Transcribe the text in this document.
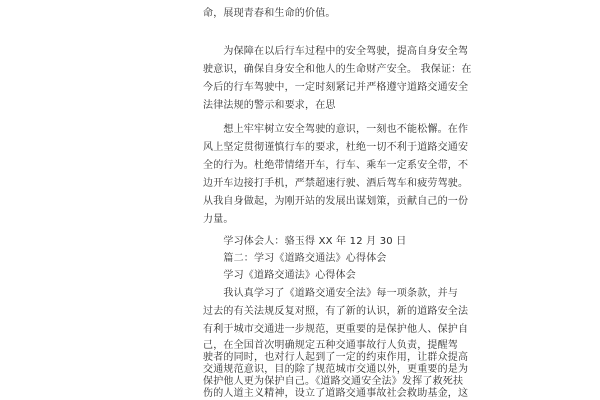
命，展现青春和生命的价值。
　　为保障在以后行车过程中的安全驾驶，提高自身安全驾
驶意识，确保自身安全和他人的生命财产安全。 我保证：在
今后的行车驾驶中，一定时刻紧记并严格遵守道路交通安全
法律法规的警示和要求，在思
　　想上牢牢树立安全驾驶的意识，一刻也不能松懈。在作
风上坚定贯彻谨慎行车的要求，杜绝一切不利于道路交通安
全的行为。杜绝带情绪开车，行车、乘车一定系安全带，不
边开车边接打手机，严禁超速行驶、酒后驾车和疲劳驾驶。
从我自身做起，为刚开站的发展出谋划策，贡献自己的一份
力量。
　　学习体会人：骆玉得 XX 年 12 月 30 日
　　篇二：学习《道路交通法》心得体会
　　学习《道路交通法》心得体会
　　我认真学习了《道路交通安全法》每一项条款，并与
过去的有关法规反复对照，有了新的认识，新的道路安全法
有利于城市交通进一步规范，更重要的是保护他人、保护自
己，在全国首次明确规定五种交通事故行人负责，提醒驾
驶者的同时，也对行人起到了一定的约束作用，让群众提高
交通规范意识，目的除了规范城市交通以外，更重要的是为
保护他人更为保护自己。《道路交通安全法》发挥了救死扶
伤的人道主义精神，设立了道路交通事故社会救助基金，这
